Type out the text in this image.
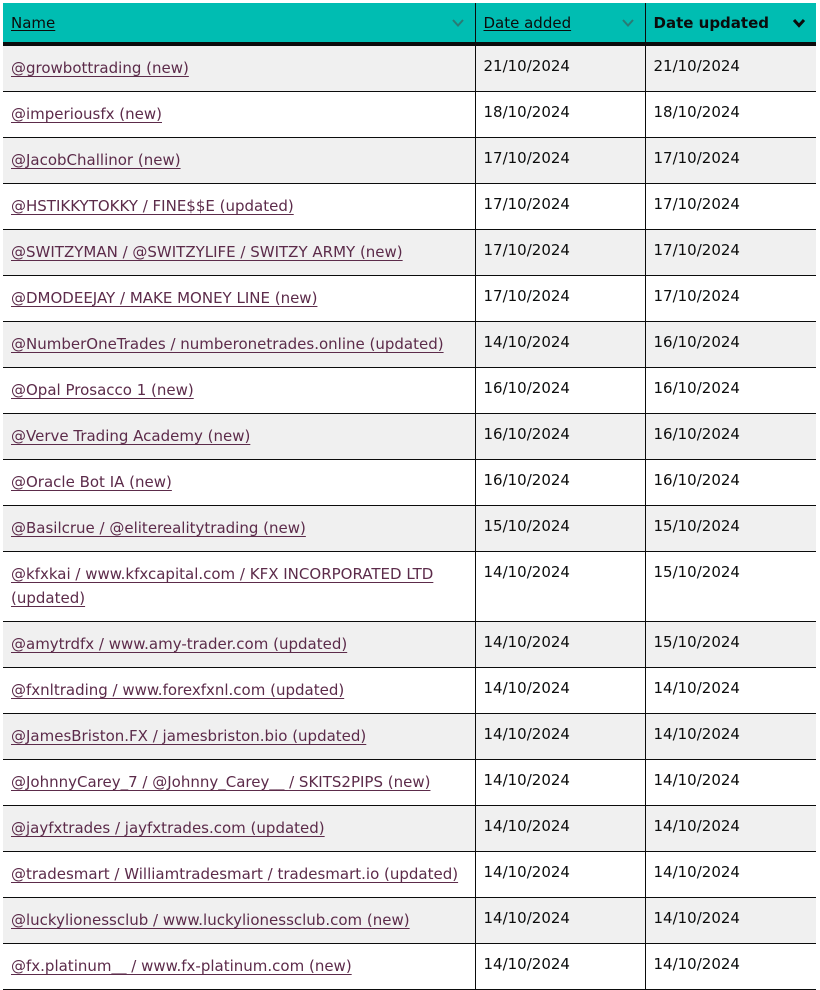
Name	Date added	Date updated

@growbottrading (new)	21/10/2024	21/10/2024
@imperiousfx (new)	18/10/2024	18/10/2024
@JacobChallinor (new)	17/10/2024	17/10/2024
@HSTIKKYTOKKY / FINE$$E (updated)	17/10/2024	17/10/2024
@SWITZYMAN / @SWITZYLIFE / SWITZY ARMY (new)	17/10/2024	17/10/2024
@DMODEEJAY / MAKE MONEY LINE (new)	17/10/2024	17/10/2024
@NumberOneTrades / numberonetrades.online (updated)	14/10/2024	16/10/2024
@Opal Prosacco 1 (new)	16/10/2024	16/10/2024
@Verve Trading Academy (new)	16/10/2024	16/10/2024
@Oracle Bot IA (new)	16/10/2024	16/10/2024
@Basilcrue / @eliterealitytrading (new)	15/10/2024	15/10/2024
@kfxkai / www.kfxcapital.com / KFX INCORPORATED LTD (updated)	14/10/2024	15/10/2024
@amytrdfx / www.amy-trader.com (updated)	14/10/2024	15/10/2024
@fxnltrading / www.forexfxnl.com (updated)	14/10/2024	14/10/2024
@JamesBriston.FX / jamesbriston.bio (updated)	14/10/2024	14/10/2024
@JohnnyCarey_7 / @Johnny_Carey__ / SKITS2PIPS (new)	14/10/2024	14/10/2024
@jayfxtrades / jayfxtrades.com (updated)	14/10/2024	14/10/2024
@tradesmart / Williamtradesmart / tradesmart.io (updated)	14/10/2024	14/10/2024
@luckylionessclub / www.luckylionessclub.com (new)	14/10/2024	14/10/2024
@fx.platinum__ / www.fx-platinum.com (new)	14/10/2024	14/10/2024
